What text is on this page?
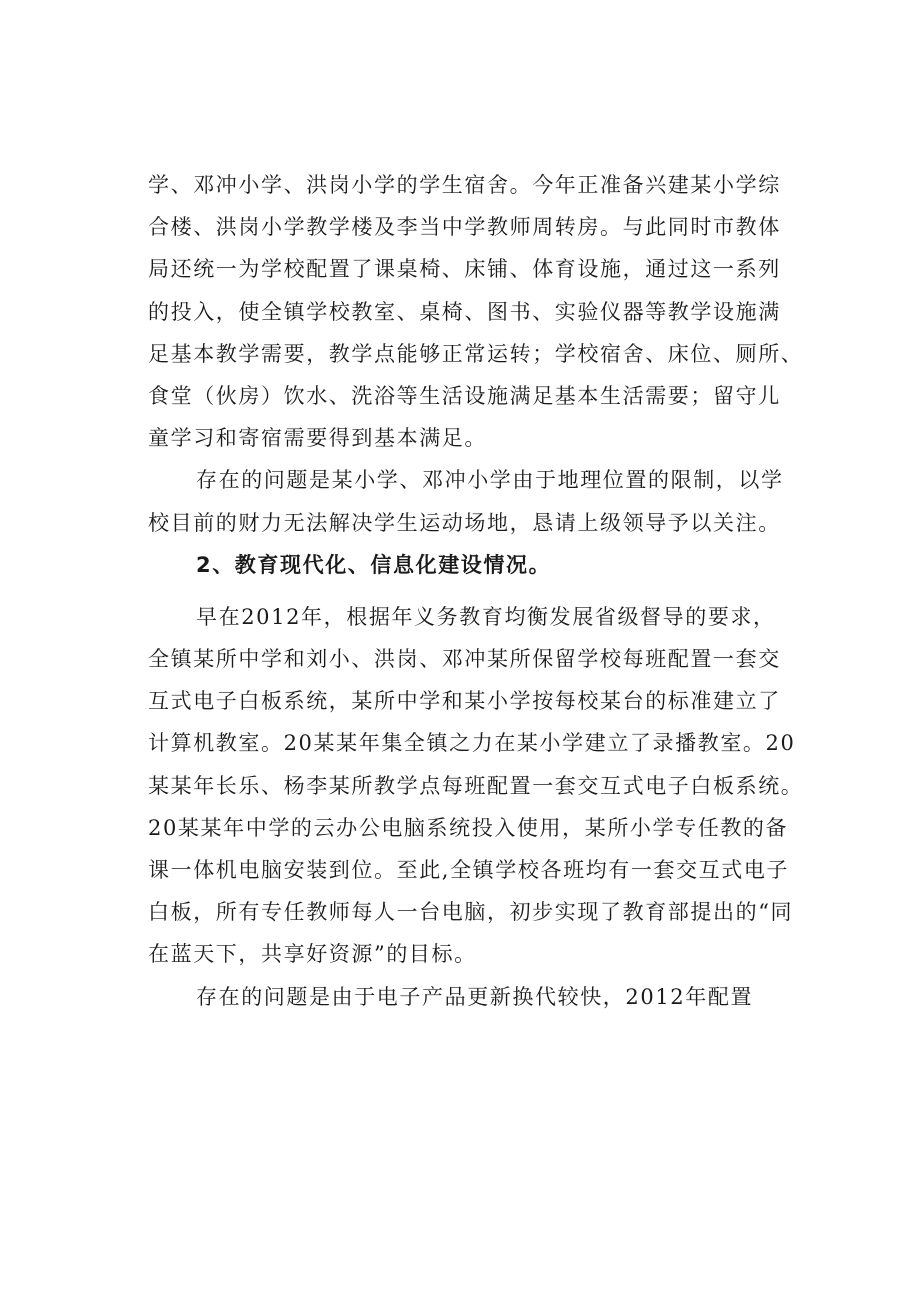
学、邓冲小学、洪岗小学的学生宿舍。今年正准备兴建某小学综
合楼、洪岗小学教学楼及李当中学教师周转房。与此同时市教体
局还统一为学校配置了课桌椅、床铺、体育设施，通过这一系列
的投入，使全镇学校教室、桌椅、图书、实验仪器等教学设施满
足基本教学需要，教学点能够正常运转；学校宿舍、床位、厕所、
食堂（伙房）饮水、洗浴等生活设施满足基本生活需要；留守儿
童学习和寄宿需要得到基本满足。
存在的问题是某小学、邓冲小学由于地理位置的限制，以学
校目前的财力无法解决学生运动场地，恳请上级领导予以关注。
2、教育现代化、信息化建设情况。
早在2012年，根据年义务教育均衡发展省级督导的要求，
全镇某所中学和刘小、洪岗、邓冲某所保留学校每班配置一套交
互式电子白板系统，某所中学和某小学按每校某台的标准建立了
计算机教室。20某某年集全镇之力在某小学建立了录播教室。20
某某年长乐、杨李某所教学点每班配置一套交互式电子白板系统。
20某某年中学的云办公电脑系统投入使用，某所小学专任教的备
课一体机电脑安装到位。至此,全镇学校各班均有一套交互式电子
白板，所有专任教师每人一台电脑，初步实现了教育部提出的“同
在蓝天下，共享好资源”的目标。
存在的问题是由于电子产品更新换代较快，2012年配置
